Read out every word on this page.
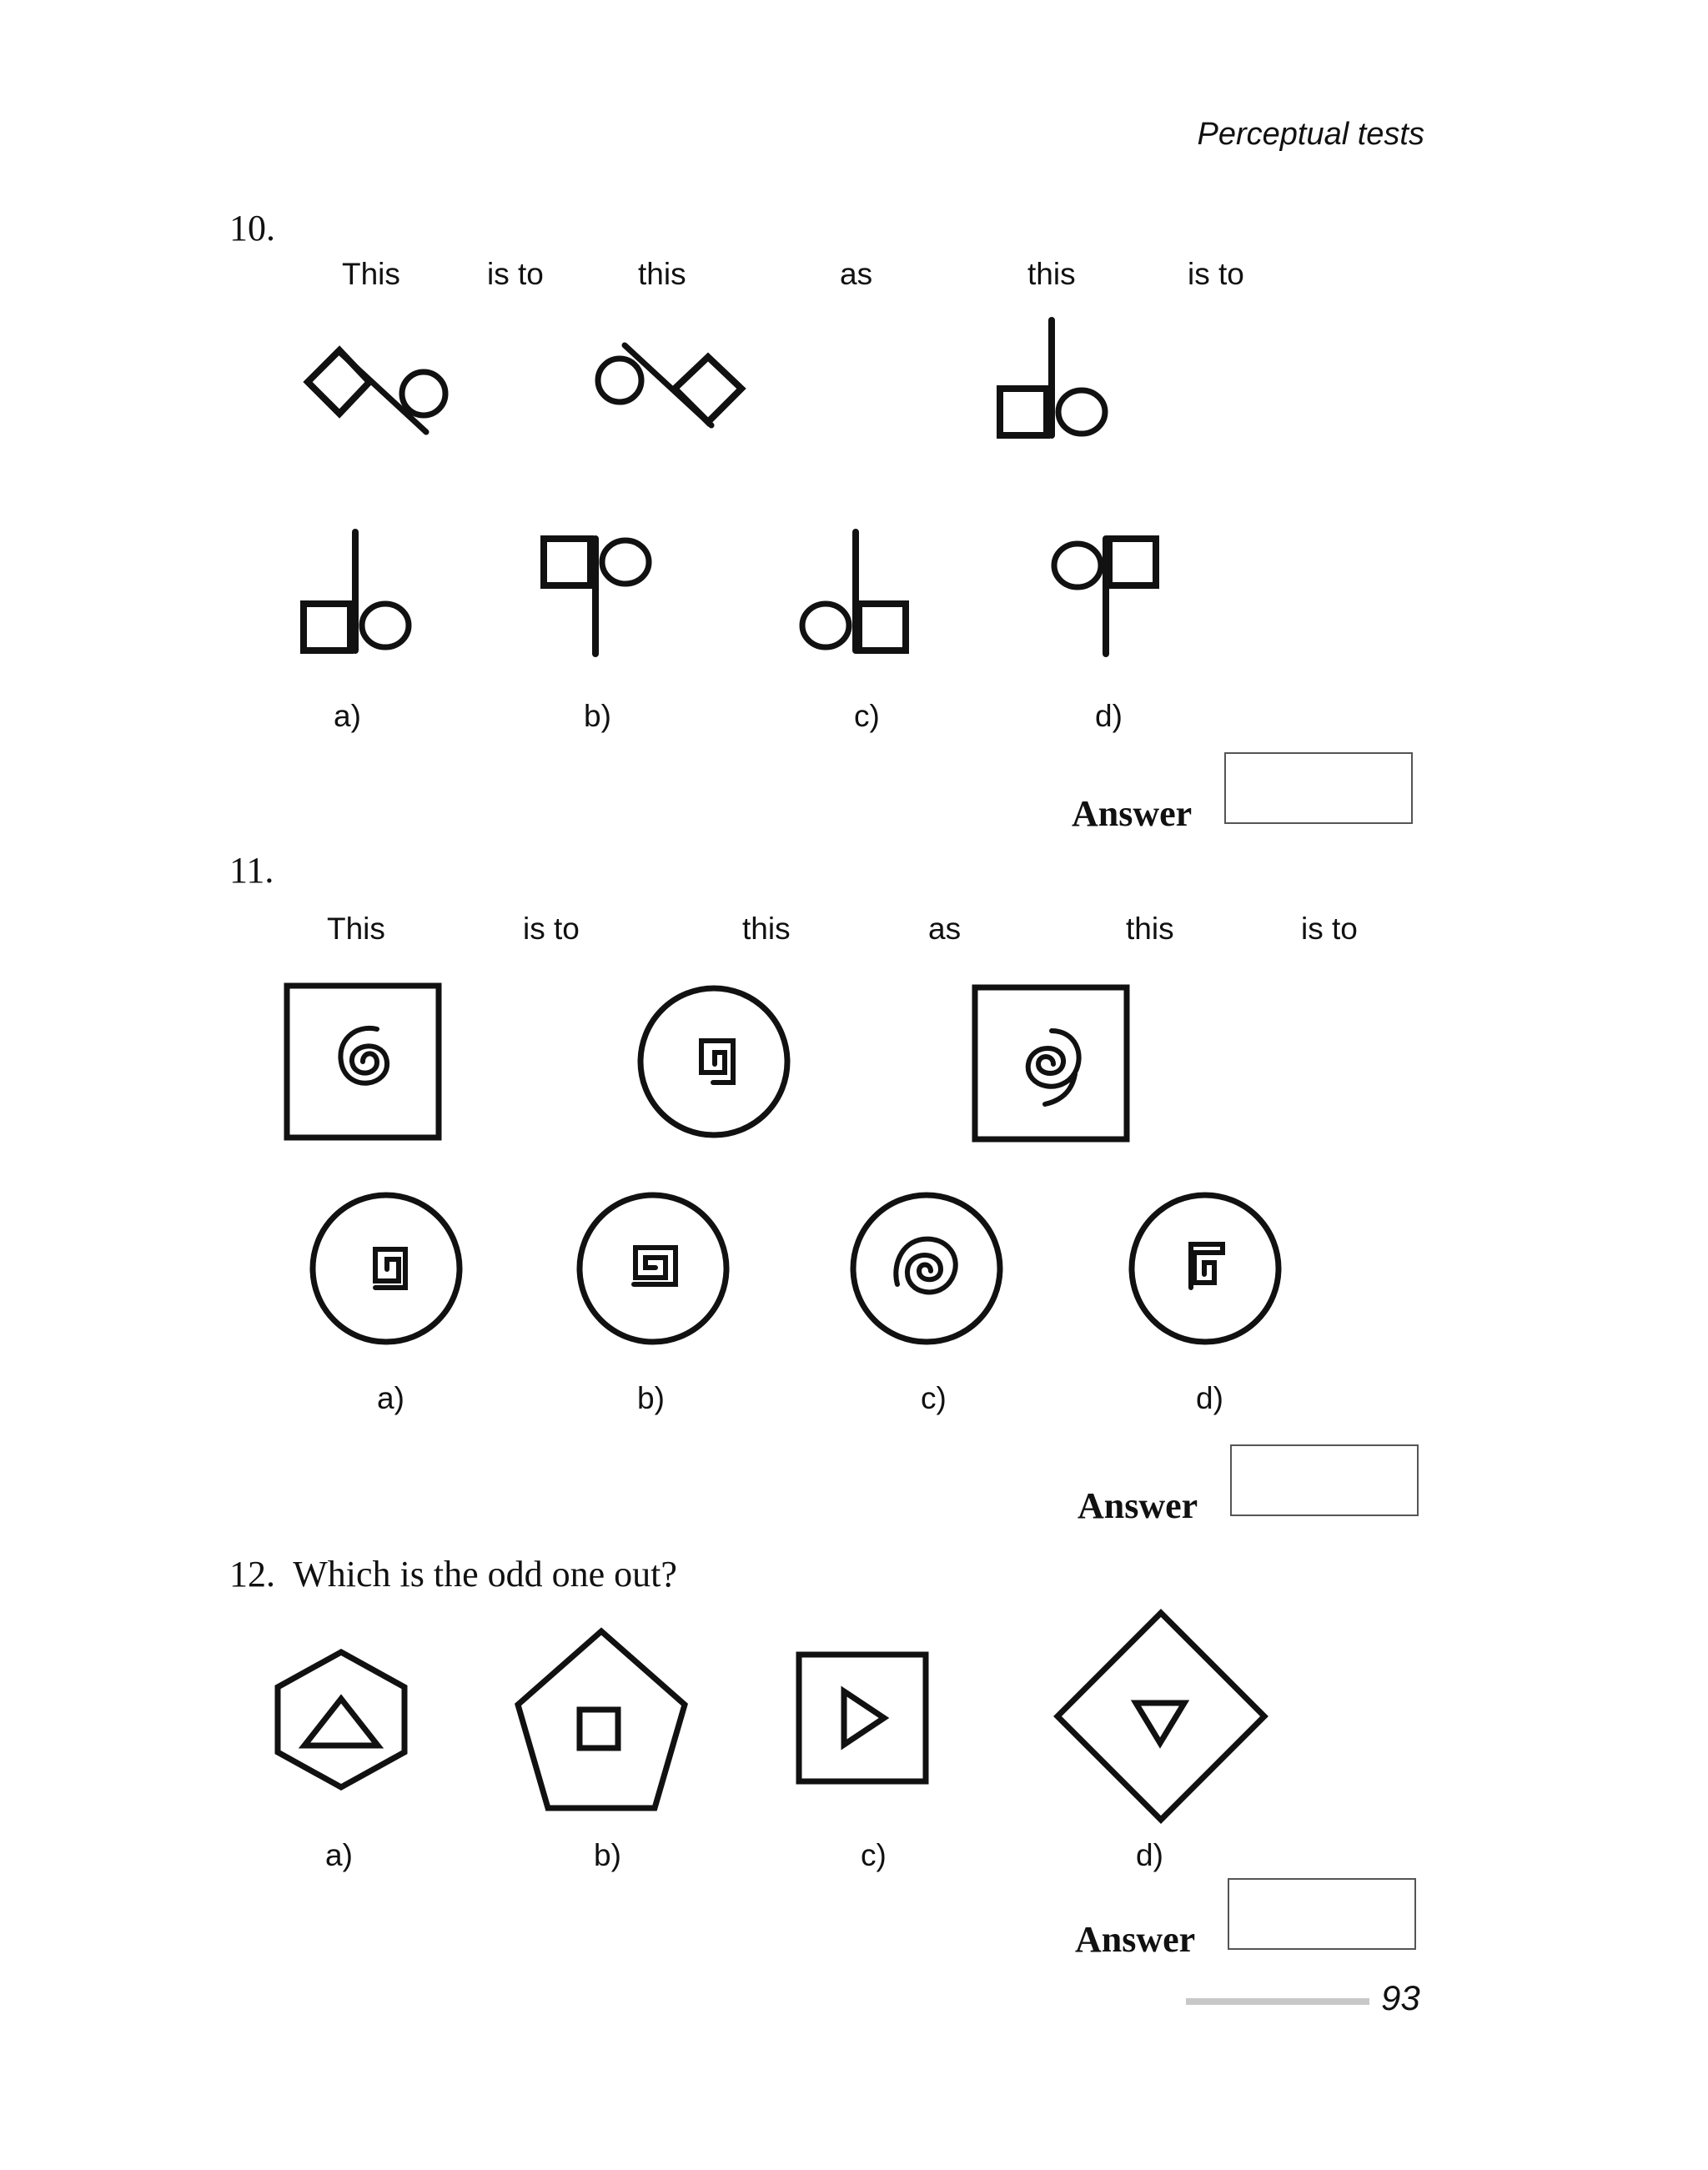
Perceptual tests
10.
This	is to	this	as	this	is to
a)	b)	c)	d)
Answer
11.
This	is to	this	as	this	is to
a)	b)	c)	d)
Answer
12. Which is the odd one out?
a)	b)	c)	d)
Answer
93
